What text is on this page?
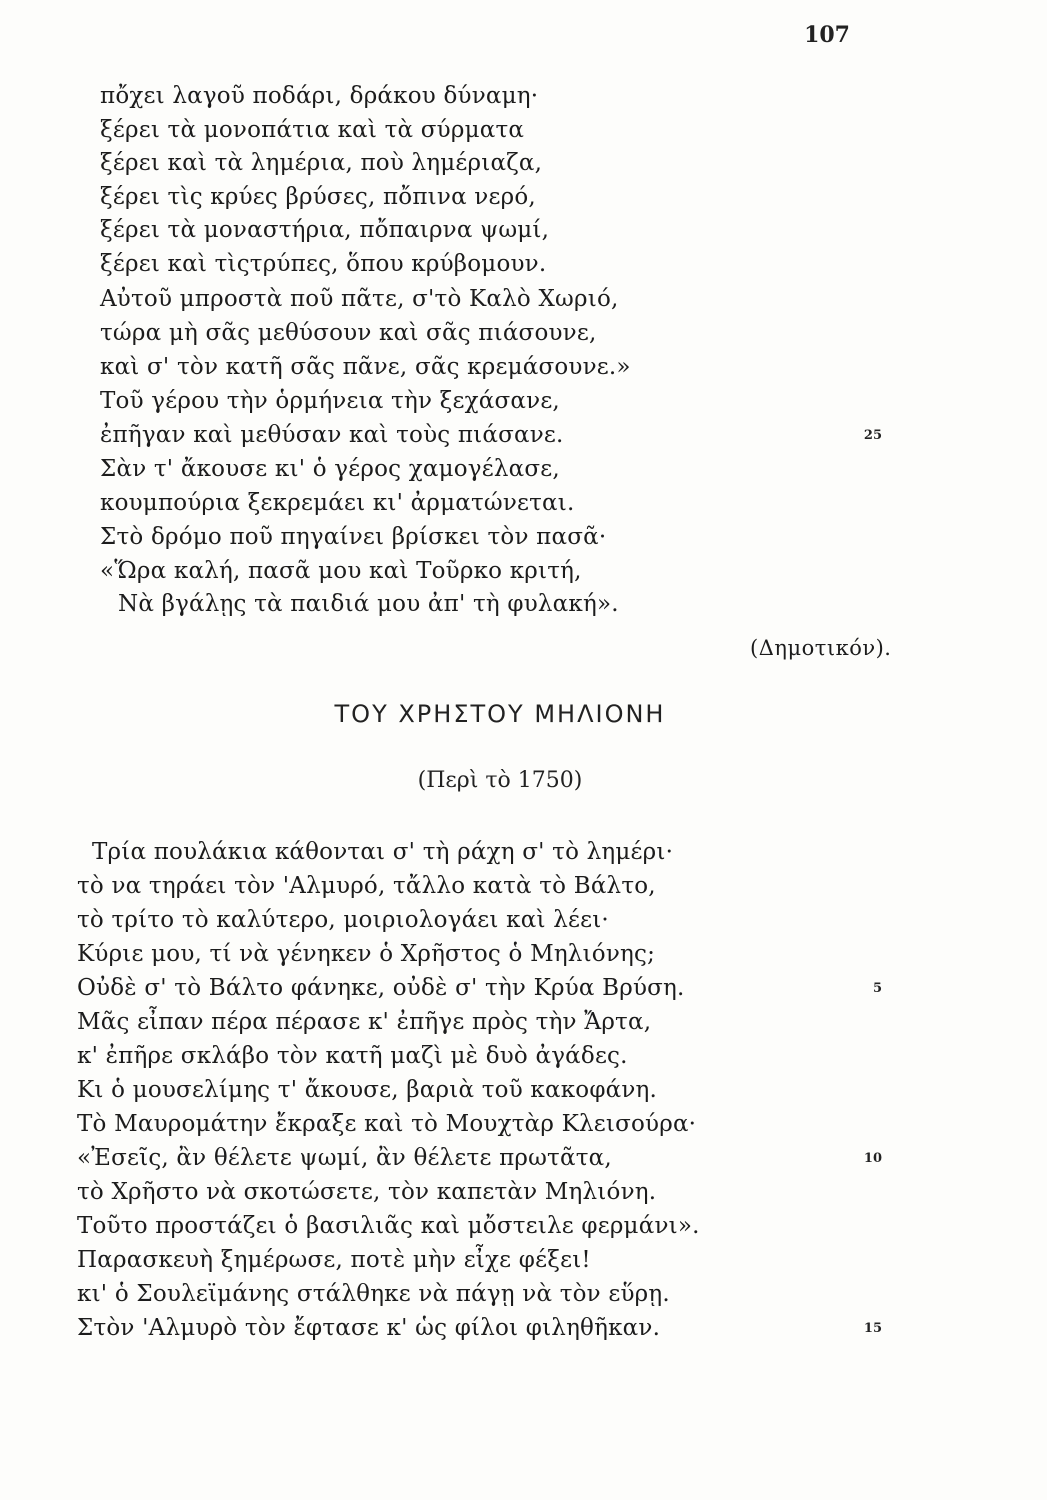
107
πὄχει λαγοῦ ποδάρι, δράκου δύναμη·
ξέρει τὰ μονοπάτια καὶ τὰ σύρματα
ξέρει καὶ τὰ λημέρια, ποὺ λημέριαζα,
ξέρει τὶς κρύες βρύσες, πὄπινα νερό,
ξέρει τὰ μοναστήρια, πὄπαιρνα ψωμί,
ξέρει καὶ τὶςτρύπες, ὅπου κρύβομουν.
Αὐτοῦ μπροστὰ ποῦ πᾶτε, σ'τὸ Καλὸ Χωριό,
τώρα μὴ σᾶς μεθύσουν καὶ σᾶς πιάσουνε,
καὶ σ' τὸν κατῆ σᾶς πᾶνε, σᾶς κρεμάσουνε.»
Τοῦ γέρου τὴν ὁρμήνεια τὴν ξεχάσανε,
ἐπῆγαν καὶ μεθύσαν καὶ τοὺς πιάσανε.	25
Σὰν τ' ἄκουσε κι' ὁ γέρος χαμογέλασε,
κουμπούρια ξεκρεμάει κι' ἀρματώνεται.
Στὸ δρόμο ποῦ πηγαίνει βρίσκει τὸν πασᾶ·
«Ὥρα καλή, πασᾶ μου καὶ Τοῦρκο κριτή,
Νὰ βγάλῃς τὰ παιδιά μου ἀπ' τὴ φυλακή».
(Δημοτικόν).
ΤΟΥ ΧΡΗΣΤΟΥ ΜΗΛΙΟΝΗ
(Περὶ τὸ 1750)
Τρία πουλάκια κάθονται σ' τὴ ράχη σ' τὸ λημέρι·
τὸ να τηράει τὸν 'Αλμυρό, τἄλλο κατὰ τὸ Βάλτο,
τὸ τρίτο τὸ καλύτερο, μοιριολογάει καὶ λέει·
Κύριε μου, τί νὰ γένηκεν ὁ Χρῆστος ὁ Μηλιόνης;
Οὐδὲ σ' τὸ Βάλτο φάνηκε, οὐδὲ σ' τὴν Κρύα Βρύση.	5
Μᾶς εἶπαν πέρα πέρασε κ' ἐπῆγε πρὸς τὴν Ἄρτα,
κ' ἐπῆρε σκλάβο τὸν κατῆ μαζὶ μὲ δυὸ ἀγάδες.
Κι ὁ μουσελίμης τ' ἄκουσε, βαριὰ τοῦ κακοφάνη.
Τὸ Μαυρομάτην ἔκραξε καὶ τὸ Μουχτὰρ Κλεισούρα·
«Ἐσεῖς, ἂν θέλετε ψωμί, ἂν θέλετε πρωτᾶτα,	10
τὸ Χρῆστο νὰ σκοτώσετε, τὸν καπετὰν Μηλιόνη.
Τοῦτο προστάζει ὁ βασιλιᾶς καὶ μὄστειλε φερμάνι».
Παρασκευὴ ξημέρωσε, ποτὲ μὴν εἶχε φέξει!
κι' ὁ Σουλεϊμάνης στάλθηκε νὰ πάγῃ νὰ τὸν εὕρῃ.
Στὸν 'Αλμυρὸ τὸν ἔφτασε κ' ὡς φίλοι φιληθῆκαν.	15
